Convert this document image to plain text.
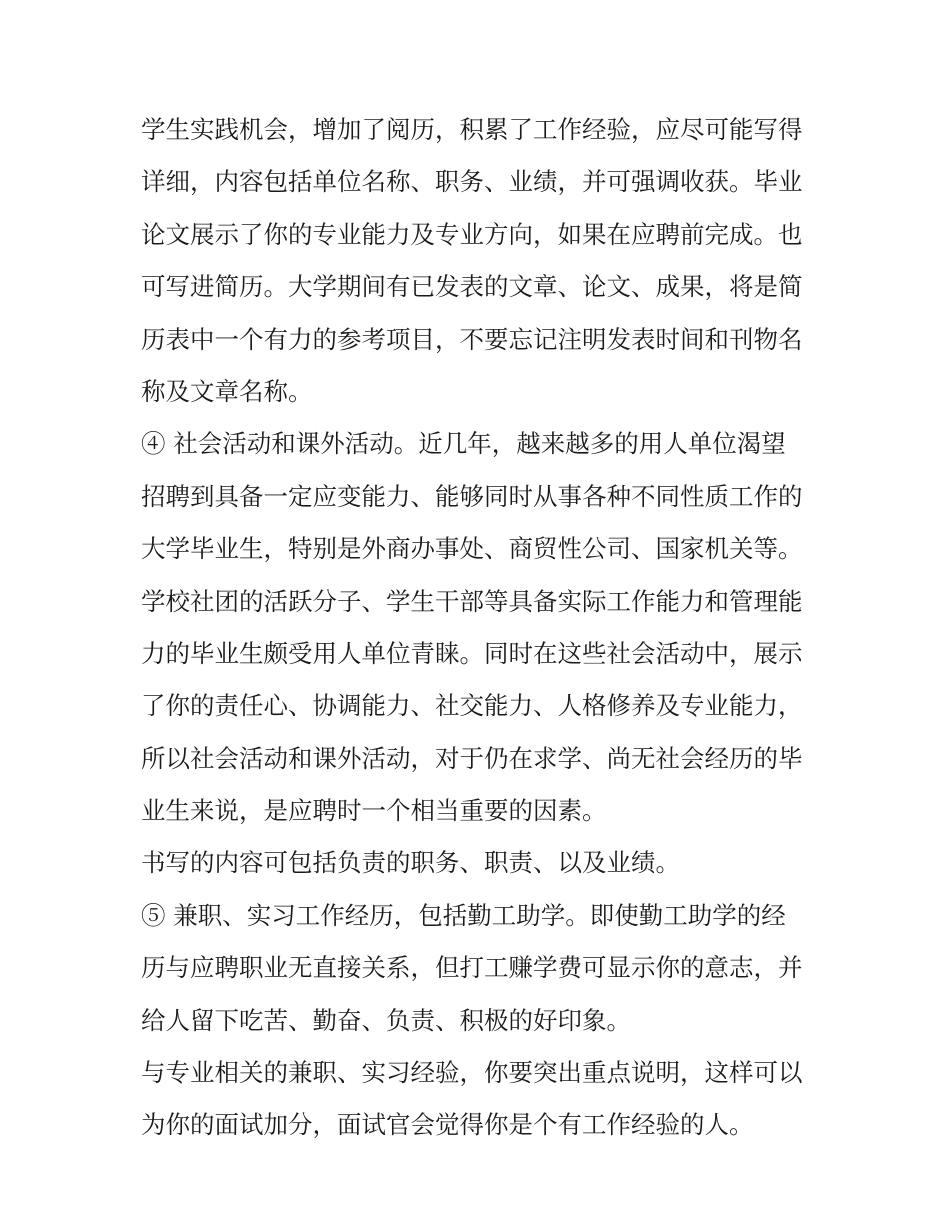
学生实践机会，增加了阅历，积累了工作经验，应尽可能写得
详细，内容包括单位名称、职务、业绩，并可强调收获。毕业
论文展示了你的专业能力及专业方向，如果在应聘前完成。也
可写进简历。大学期间有已发表的文章、论文、成果，将是简
历表中一个有力的参考项目，不要忘记注明发表时间和刊物名
称及文章名称。
④ 社会活动和课外活动。近几年，越来越多的用人单位渴望
招聘到具备一定应变能力、能够同时从事各种不同性质工作的
大学毕业生，特别是外商办事处、商贸性公司、国家机关等。
学校社团的活跃分子、学生干部等具备实际工作能力和管理能
力的毕业生颇受用人单位青睐。同时在这些社会活动中，展示
了你的责任心、协调能力、社交能力、人格修养及专业能力，
所以社会活动和课外活动，对于仍在求学、尚无社会经历的毕
业生来说，是应聘时一个相当重要的因素。
书写的内容可包括负责的职务、职责、以及业绩。
⑤ 兼职、实习工作经历，包括勤工助学。即使勤工助学的经
历与应聘职业无直接关系，但打工赚学费可显示你的意志，并
给人留下吃苦、勤奋、负责、积极的好印象。
与专业相关的兼职、实习经验，你要突出重点说明，这样可以
为你的面试加分，面试官会觉得你是个有工作经验的人。
